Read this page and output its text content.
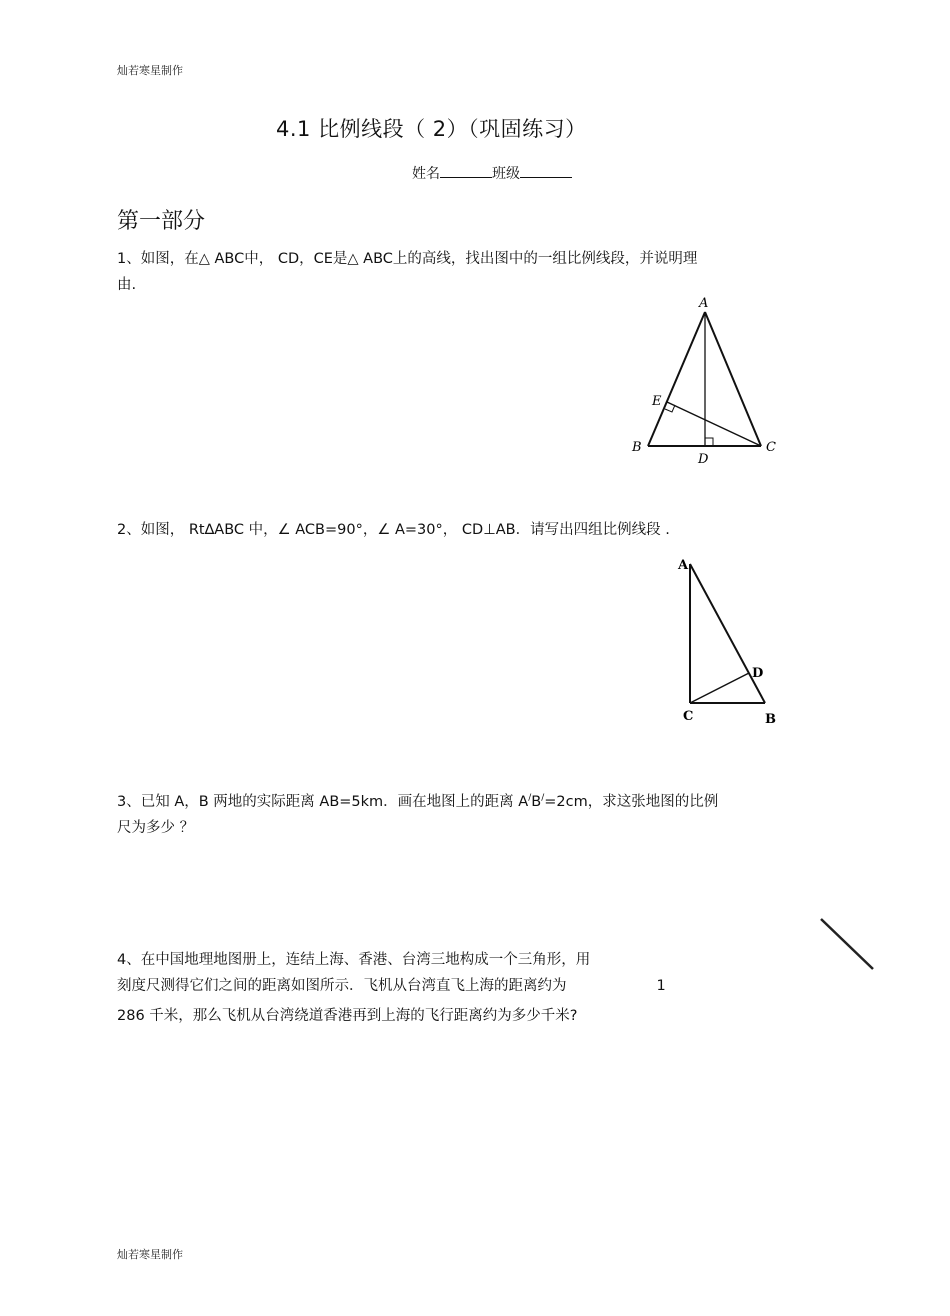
灿若寒星制作
4.1 比例线段（ 2）（巩固练习）
姓名	班级
第一部分
1、如图，在△ ABC中， CD，CE是△ ABC上的高线，找出图中的一组比例线段，并说明理
由.
A
E
B	C
D
2、如图， Rt∆ABC 中，∠ ACB=90°，∠ A=30°， CD⊥AB．请写出四组比例线段 .
A
D
C	B
3、已知 A，B 两地的实际距离 AB=5km．画在地图上的距离 A/B/=2cm，求这张地图的比例
尺为多少 ？
4、在中国地理地图册上，连结上海、香港、台湾三地构成一个三角形，用
刻度尺测得它们之间的距离如图所示．飞机从台湾直飞上海的距离约为	1
286 千米，那么飞机从台湾绕道香港再到上海的飞行距离约为多少千米?
灿若寒星制作
